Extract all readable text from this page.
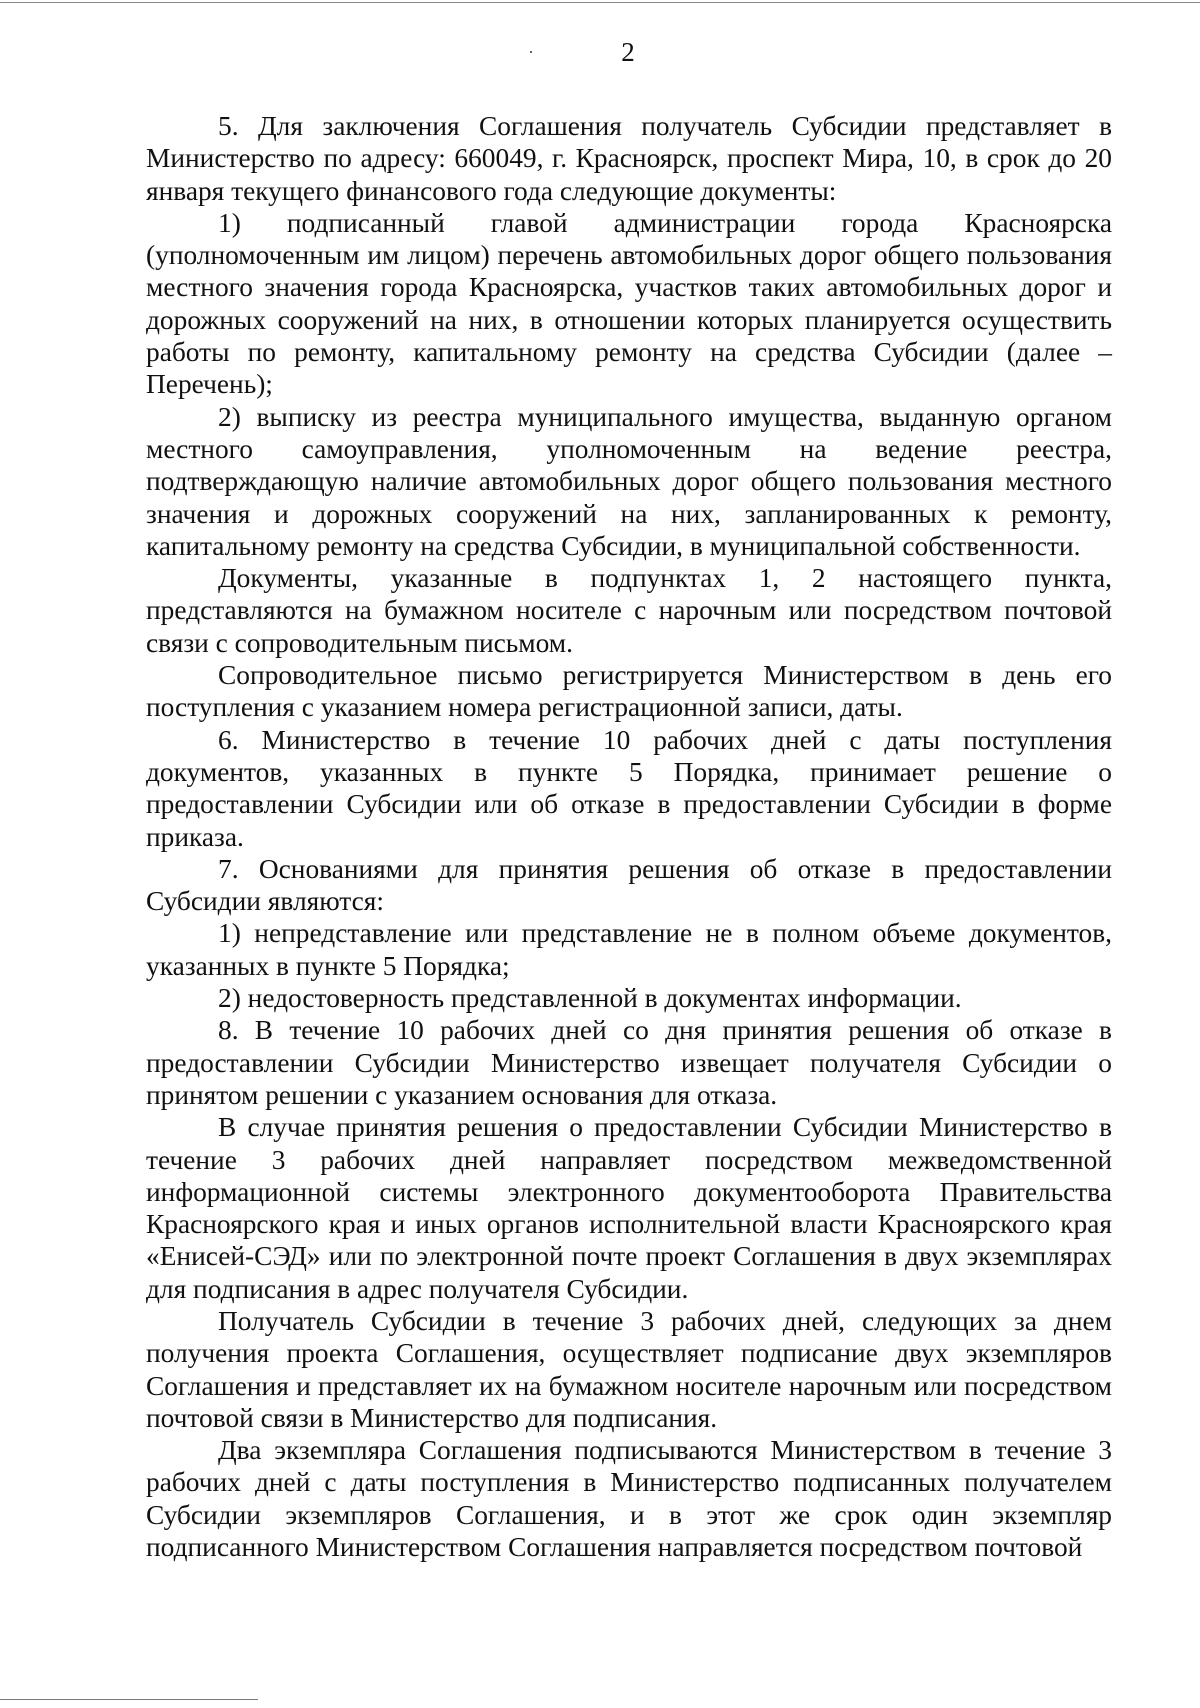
2

5. Для заключения Соглашения получатель Субсидии представляет в Министерство по адресу: 660049, г. Красноярск, проспект Мира, 10, в срок до 20 января текущего финансового года следующие документы:

1) подписанный главой администрации города Красноярска (уполномоченным им лицом) перечень автомобильных дорог общего пользования местного значения города Красноярска, участков таких автомобильных дорог и дорожных сооружений на них, в отношении которых планируется осуществить работы по ремонту, капитальному ремонту на средства Субсидии (далее – Перечень);

2) выписку из реестра муниципального имущества, выданную органом местного самоуправления, уполномоченным на ведение реестра, подтверждающую наличие автомобильных дорог общего пользования местного значения и дорожных сооружений на них, запланированных к ремонту, капитальному ремонту на средства Субсидии, в муниципальной собственности.

Документы, указанные в подпунктах 1, 2 настоящего пункта, представляются на бумажном носителе с нарочным или посредством почтовой связи с сопроводительным письмом.

Сопроводительное письмо регистрируется Министерством в день его поступления с указанием номера регистрационной записи, даты.

6. Министерство в течение 10 рабочих дней с даты поступления документов, указанных в пункте 5 Порядка, принимает решение о предоставлении Субсидии или об отказе в предоставлении Субсидии в форме приказа.

7. Основаниями для принятия решения об отказе в предоставлении Субсидии являются:

1) непредставление или представление не в полном объеме документов, указанных в пункте 5 Порядка;

2) недостоверность представленной в документах информации.

8. В течение 10 рабочих дней со дня принятия решения об отказе в предоставлении Субсидии Министерство извещает получателя Субсидии о принятом решении с указанием основания для отказа.

В случае принятия решения о предоставлении Субсидии Министерство в течение 3 рабочих дней направляет посредством межведомственной информационной системы электронного документооборота Правительства Красноярского края и иных органов исполнительной власти Красноярского края «Енисей-СЭД» или по электронной почте проект Соглашения в двух экземплярах для подписания в адрес получателя Субсидии.

Получатель Субсидии в течение 3 рабочих дней, следующих за днем получения проекта Соглашения, осуществляет подписание двух экземпляров Соглашения и представляет их на бумажном носителе нарочным или посредством почтовой связи в Министерство для подписания.

Два экземпляра Соглашения подписываются Министерством в течение 3 рабочих дней с даты поступления в Министерство подписанных получателем Субсидии экземпляров Соглашения, и в этот же срок один экземпляр подписанного Министерством Соглашения направляется посредством почтовой
